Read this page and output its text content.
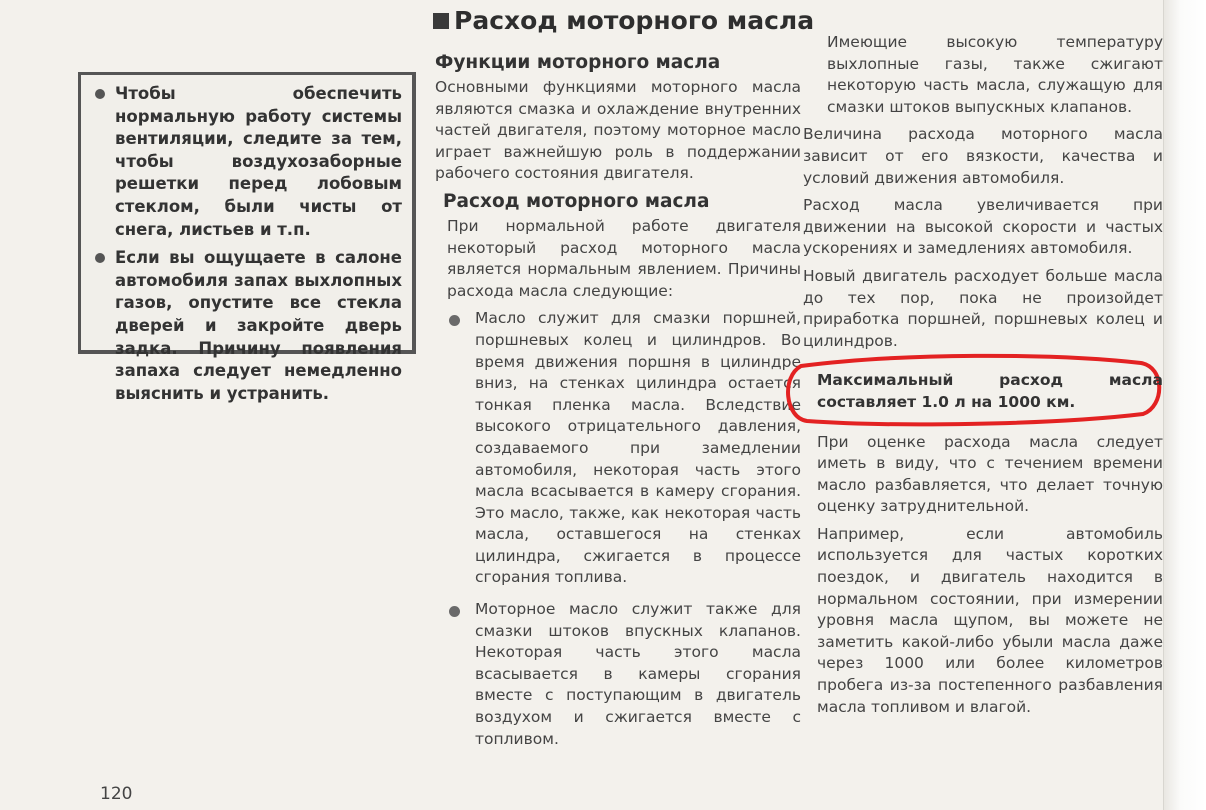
Чтобы обеспечить нормальную работу системы вентиляции, следите за тем, чтобы воздухозаборные решетки перед лобовым стеклом, были чисты от снега, листьев и т.п.
Если вы ощущаете в салоне автомобиля запах выхлопных газов, опустите все стекла дверей и закройте дверь задка. Причину появления запаха следует немедленно выяснить и устранить.
Расход моторного масла
Функции моторного масла

Основными функциями моторного масла являются смазка и охлаждение внутренних частей двигателя, поэтому моторное масло играет важнейшую роль в поддержании рабочего состояния двигателя.

Расход моторного масла

При нормальной работе двигателя некоторый расход моторного масла является нормальным явлением. Причины расхода масла следующие:

Масло служит для смазки поршней, поршневых колец и цилиндров. Во время движения поршня в цилиндре вниз, на стенках цилиндра остается тонкая пленка масла. Вследствие высокого отрицательного давления, создаваемого при замедлении автомобиля, некоторая часть этого масла всасывается в камеру сгорания. Это масло, также, как некоторая часть масла, оставшегося на стенках цилиндра, сжигается в процессе сгорания топлива.
Моторное масло служит также для смазки штоков впускных клапанов. Некоторая часть этого масла всасывается в камеры сгорания вместе с поступающим в двигатель воздухом и сжигается вместе с топливом.

Имеющие высокую температуру выхлопные газы, также сжигают некоторую часть масла, служащую для смазки штоков выпускных клапанов.

Величина расхода моторного масла зависит от его вязкости, качества и условий движения автомобиля.

Расход масла увеличивается при движении на высокой скорости и частых ускорениях и замедлениях автомобиля.

Новый двигатель расходует больше масла до тех пор, пока не произойдет приработка поршней, поршневых колец и цилиндров.

Максимальный расход масла составляет 1.0 л на 1000 км.

При оценке расхода масла следует иметь в виду, что с течением времени масло разбавляется, что делает точную оценку затруднительной.

Например, если автомобиль используется для частых коротких поездок, и двигатель находится в нормальном состоянии, при измерении уровня масла щупом, вы можете не заметить какой-либо убыли масла даже через 1000 или более километров пробега из-за постепенного разбавления масла топливом и влагой.

120
